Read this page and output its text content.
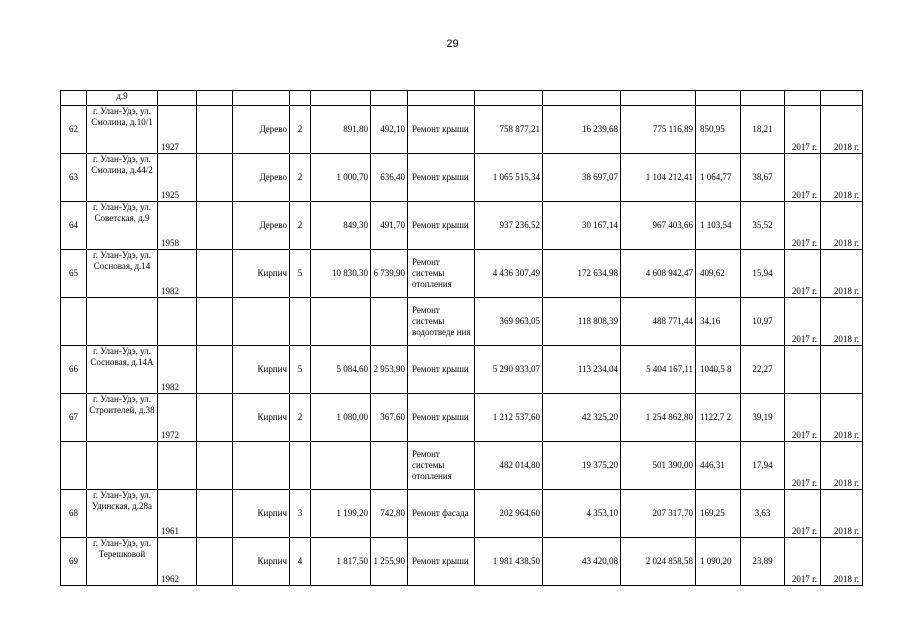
29
	д.9														
62	г. Улан-Удэ, ул. Смолина, д.10/1	1927		Дерево	2	891,80	492,10	Ремонт крыши	758 877,21	16 239,68	775 116,89	850,95	18,21	2017 г.	2018 г.
63	г. Улан-Удэ, ул. Смолина, д.44/2	1925		Дерево	2	1 000,70	636,40	Ремонт крыши	1 065 515,34	38 697,07	1 104 212,41	1 064,77	38,67	2017 г.	2018 г.
64	г. Улан-Удэ, ул. Советская, д.9	1958		Дерево	2	849,30	491,70	Ремонт крыши	937 236,52	30 167,14	967 403,66	1 103,54	35,52	2017 г.	2018 г.
65	г. Улан-Удэ, ул. Сосновая, д.14	1982		Кирпич	5	10 830,30	6 739,90	Ремонт системы отопления	4 436 307,49	172 634,98	4 608 942,47	409,62	15,94	2017 г.	2018 г.
								Ремонт системы водоотведе ния	369 963,05	118 808,39	488 771,44	34,16	10,97	2017 г.	2018 г.
66	г. Улан-Удэ, ул. Сосновая, д.14А	1982		Кирпич	5	5 084,60	2 953,90	Ремонт крыши	5 290 933,07	113 234,04	5 404 167,11	1040,5 8	22,27		
67	г. Улан-Удэ, ул. Строителей, д.38	1972		Кирпич	2	1 080,00	367,60	Ремонт крыши	1 212 537,60	42 325,20	1 254 862,80	1122,7 2	39,19	2017 г.	2018 г.
								Ремонт системы отопления	482 014,80	19 375,20	501 390,00	446,31	17,94	2017 г.	2018 г.
68	г. Улан-Удэ, ул. Удинская, д.28а	1961		Кирпич	3	1 199,20	742,80	Ремонт фасада	202 964,60	4 353,10	207 317,70	169,25	3,63	2017 г.	2018 г.
69	г. Улан-Удэ, ул. Терешковой	1962		Кирпич	4	1 817,50	1 255,90	Ремонт крыши	1 981 438,50	43 420,08	2 024 858,58	1 090,20	23,89	2017 г.	2018 г.
